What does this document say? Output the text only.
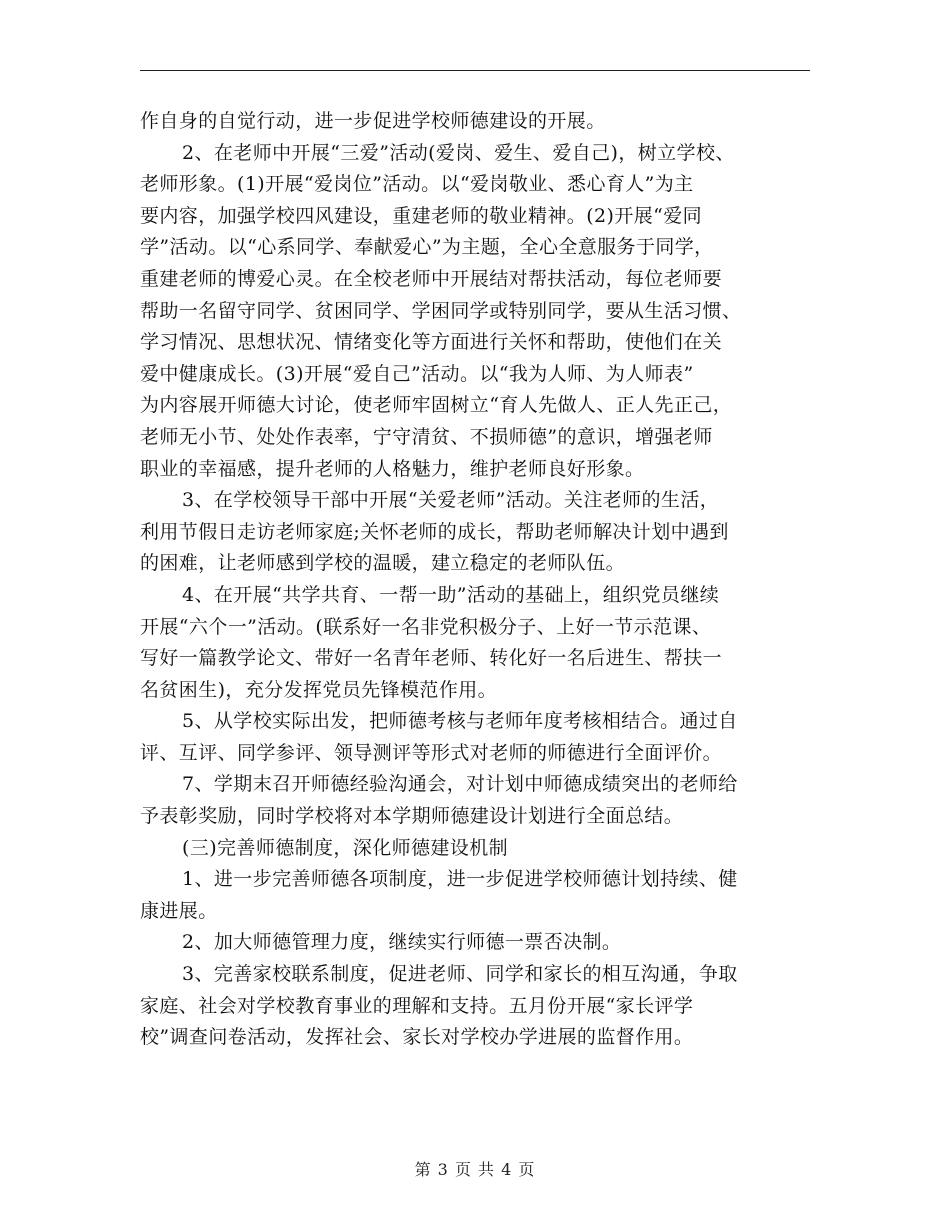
作自身的自觉行动，进一步促进学校师德建设的开展。
2、在老师中开展“三爱”活动(爱岗、爱生、爱自己)，树立学校、
老师形象。(1)开展“爱岗位”活动。以“爱岗敬业、悉心育人”为主
要内容，加强学校四风建设，重建老师的敬业精神。(2)开展“爱同
学”活动。以“心系同学、奉献爱心”为主题，全心全意服务于同学，
重建老师的博爱心灵。在全校老师中开展结对帮扶活动，每位老师要
帮助一名留守同学、贫困同学、学困同学或特别同学，要从生活习惯、
学习情况、思想状况、情绪变化等方面进行关怀和帮助，使他们在关
爱中健康成长。(3)开展“爱自己”活动。以“我为人师、为人师表”
为内容展开师德大讨论，使老师牢固树立“育人先做人、正人先正己，
老师无小节、处处作表率，宁守清贫、不损师德”的意识，增强老师
职业的幸福感，提升老师的人格魅力，维护老师良好形象。
3、在学校领导干部中开展“关爱老师”活动。关注老师的生活，
利用节假日走访老师家庭;关怀老师的成长，帮助老师解决计划中遇到
的困难，让老师感到学校的温暖，建立稳定的老师队伍。
4、在开展“共学共育、一帮一助”活动的基础上，组织党员继续
开展“六个一”活动。(联系好一名非党积极分子、上好一节示范课、
写好一篇教学论文、带好一名青年老师、转化好一名后进生、帮扶一
名贫困生)，充分发挥党员先锋模范作用。
5、从学校实际出发，把师德考核与老师年度考核相结合。通过自
评、互评、同学参评、领导测评等形式对老师的师德进行全面评价。
7、学期末召开师德经验沟通会，对计划中师德成绩突出的老师给
予表彰奖励，同时学校将对本学期师德建设计划进行全面总结。
(三)完善师德制度，深化师德建设机制
1、进一步完善师德各项制度，进一步促进学校师德计划持续、健
康进展。
2、加大师德管理力度，继续实行师德一票否决制。
3、完善家校联系制度，促进老师、同学和家长的相互沟通，争取
家庭、社会对学校教育事业的理解和支持。五月份开展“家长评学
校”调查问卷活动，发挥社会、家长对学校办学进展的监督作用。
第 3 页 共 4 页
